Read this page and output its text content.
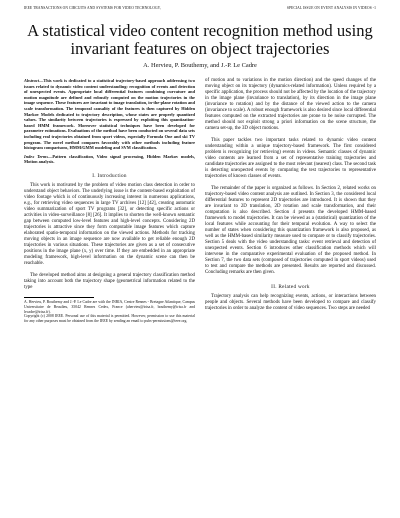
IEEE TRANSACTIONS ON CIRCUITS AND SYSTEMS FOR VIDEO TECHNOLOGY,	SPECIAL ISSUE ON EVENT ANALYSIS IN VIDEOS -1
A statistical video content recognition method using invariant features on object trajectories
A. Hervieu, P. Bouthemy, and J.-P. Le Cadre

Abstract—This work is dedicated to a statistical trajectory-based approach addressing two issues related to dynamic video content understanding: recognition of events and detection of unexpected events. Appropriate local differential features combining curvature and motion magnitude are defined and robustly computed on the motion trajectories in the image sequence. These features are invariant to image translation, in-the-plane rotation and scale transformation. The temporal causality of the features is then captured by Hidden Markov Models dedicated to trajectory description, whose states are properly quantized values. The similarity between trajectories is expressed by exploiting this quantization-based HMM framework. Moreover statistical techniques have been developed for parameter estimations. Evaluations of the method have been conducted on several data sets including real trajectories obtained from sport videos, especially Formula One and ski TV program. The novel method compares favorably with other methods including feature histogram comparisons, HMM/GMM modeling and SVM classification.

Index Terms—Pattern classification, Video signal processing, Hidden Markov models, Motion analysis.

I. Introduction

This work is motivated by the problem of video motion class detection in order to understand object behaviors. The underlying issue is the content-based exploitation of video footage which is of continuously increasing interest in numerous applications, e.g., for retrieving video sequences in large TV archives [12] [42], creating automatic video summarization of sport TV programs [32], or detecting specific actions or activities in video-surveillance [8] [26]. It implies to shorten the well-known semantic gap between computed low-level features and high-level concepts. Considering 2D trajectories is attractive since they form computable image features which capture elaborated spatio-temporal information on the viewed actions. Methods for tracking moving objects in an image sequence are now available to get reliable enough 2D trajectories in various situations. These trajectories are given as a set of consecutive positions in the image plane (x, y) over time. If they are embedded in an appropriate modeling framework, high-level information on the dynamic scene can then be reachable.

The developed method aims at designing a general trajectory classification method taking into account both the trajectory shape (geometrical information related to the type

A. Hervieu, P. Bouthemy and J.-P. Le Cadre are with the INRIA, Centre Rennes - Bretagne Atlantique, Campus Universitaire de Beaulieu, 35042 Rennes Cedex, France (ahervieu@irisa.fr, bouthemy@irisa.fr and lecadre@irisa.fr).

Copyright (c) 2008 IEEE. Personal use of this material is permitted. However, permission to use this material for any other purposes must be obtained from the IEEE by sending an email to pubs-permissions@ieee.org.

of motion and to variations in the motion direction) and the speed changes of the moving object on its trajectory (dynamics-related information). Unless required by a specific application, the process should not be affected by the location of the trajectory in the image plane (invariance to translation), by its direction in the image plane (invariance to rotation) and by the distance of the viewed action to the camera (invariance to scale). A robust enough framework is also desired since local differential features computed on the extracted trajectories are prone to be noise corrupted. The method should not exploit strong a priori information on the scene structure, the camera set-up, the 3D object motions.

This paper tackles two important tasks related to dynamic video content understanding within a unique trajectory-based framework. The first considered problem is recognizing (or retrieving) events in videos. Semantic classes of dynamic video contents are learned from a set of representative training trajectories and candidate trajectories are assigned to the most relevant (nearest) class. The second task is detecting unexpected events by comparing the test trajectories to representative trajectories of known classes of events.

The remainder of the paper is organized as follows. In Section 2, related works on trajectory-based video content analysis are outlined. In Section 3, the considered local differential features to represent 2D trajectories are introduced. It is shown that they are invariant to 2D translation, 2D rotation and scale transformation, and their computation is also described. Section 4 presents the developed HMM-based framework to model trajectories. It can be viewed as a (statistical) quantization of the local features while accounting for their temporal evolution. A way to select the number of states when considering this quantization framework is also proposed, as well as the HMM-based similarity measure used to compare or to classify trajectories. Section 5 deals with the video understanding tasks: event retrieval and detection of unexpected events. Section 6 introduces other classification methods which will intervene in the comparative experimental evaluation of the proposed method. In Section 7, the two data sets (composed of trajectories computed in sport videos) used to test and compare the methods are presented. Results are reported and discussed. Concluding remarks are then given.

II. Related work

Trajectory analysis can help recognizing events, actions, or interactions between people and objects. Several methods have been developed to compare and classify trajectories in order to analyze the content of video sequences. Two steps are needed
